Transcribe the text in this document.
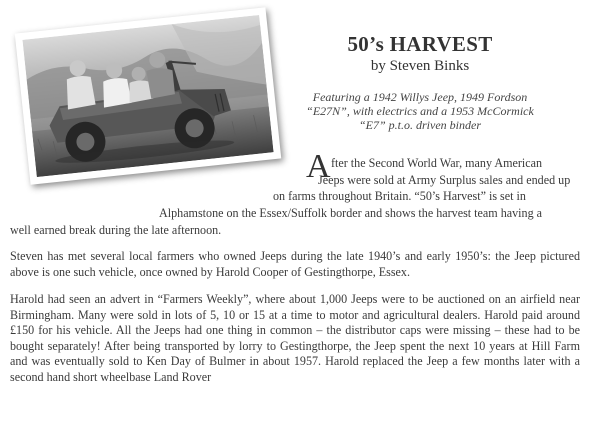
50’s HARVEST
by Steven Binks
Featuring a 1942 Willys Jeep, 1949 Fordson
“E27N”, with electrics and a 1953 McCormick
“E7” p.t.o. driven binder
A fter the Second World War, many American
Jeeps were sold at Army Surplus sales and ended up
on farms throughout Britain. “50’s Harvest” is set in
Alphamstone on the Essex/Suffolk border and shows the harvest team having a
well earned break during the late afternoon.
Steven has met several local farmers who owned Jeeps during the late 1940’s and early 1950’s: the Jeep pictured above is one such vehicle, once owned by Harold Cooper of Gestingthorpe, Essex.
Harold had seen an advert in “Farmers Weekly”, where about 1,000 Jeeps were to be auctioned on an airfield near Birmingham. Many were sold in lots of 5, 10 or 15 at a time to motor and agricultural dealers. Harold paid around £150 for his vehicle. All the Jeeps had one thing in common – the distributor caps were missing – these had to be bought separately! After being transported by lorry to Gestingthorpe, the Jeep spent the next 10 years at Hill Farm and was eventually sold to Ken Day of Bulmer in about 1957. Harold replaced the Jeep a few months later with a second hand short wheelbase Land Rover
